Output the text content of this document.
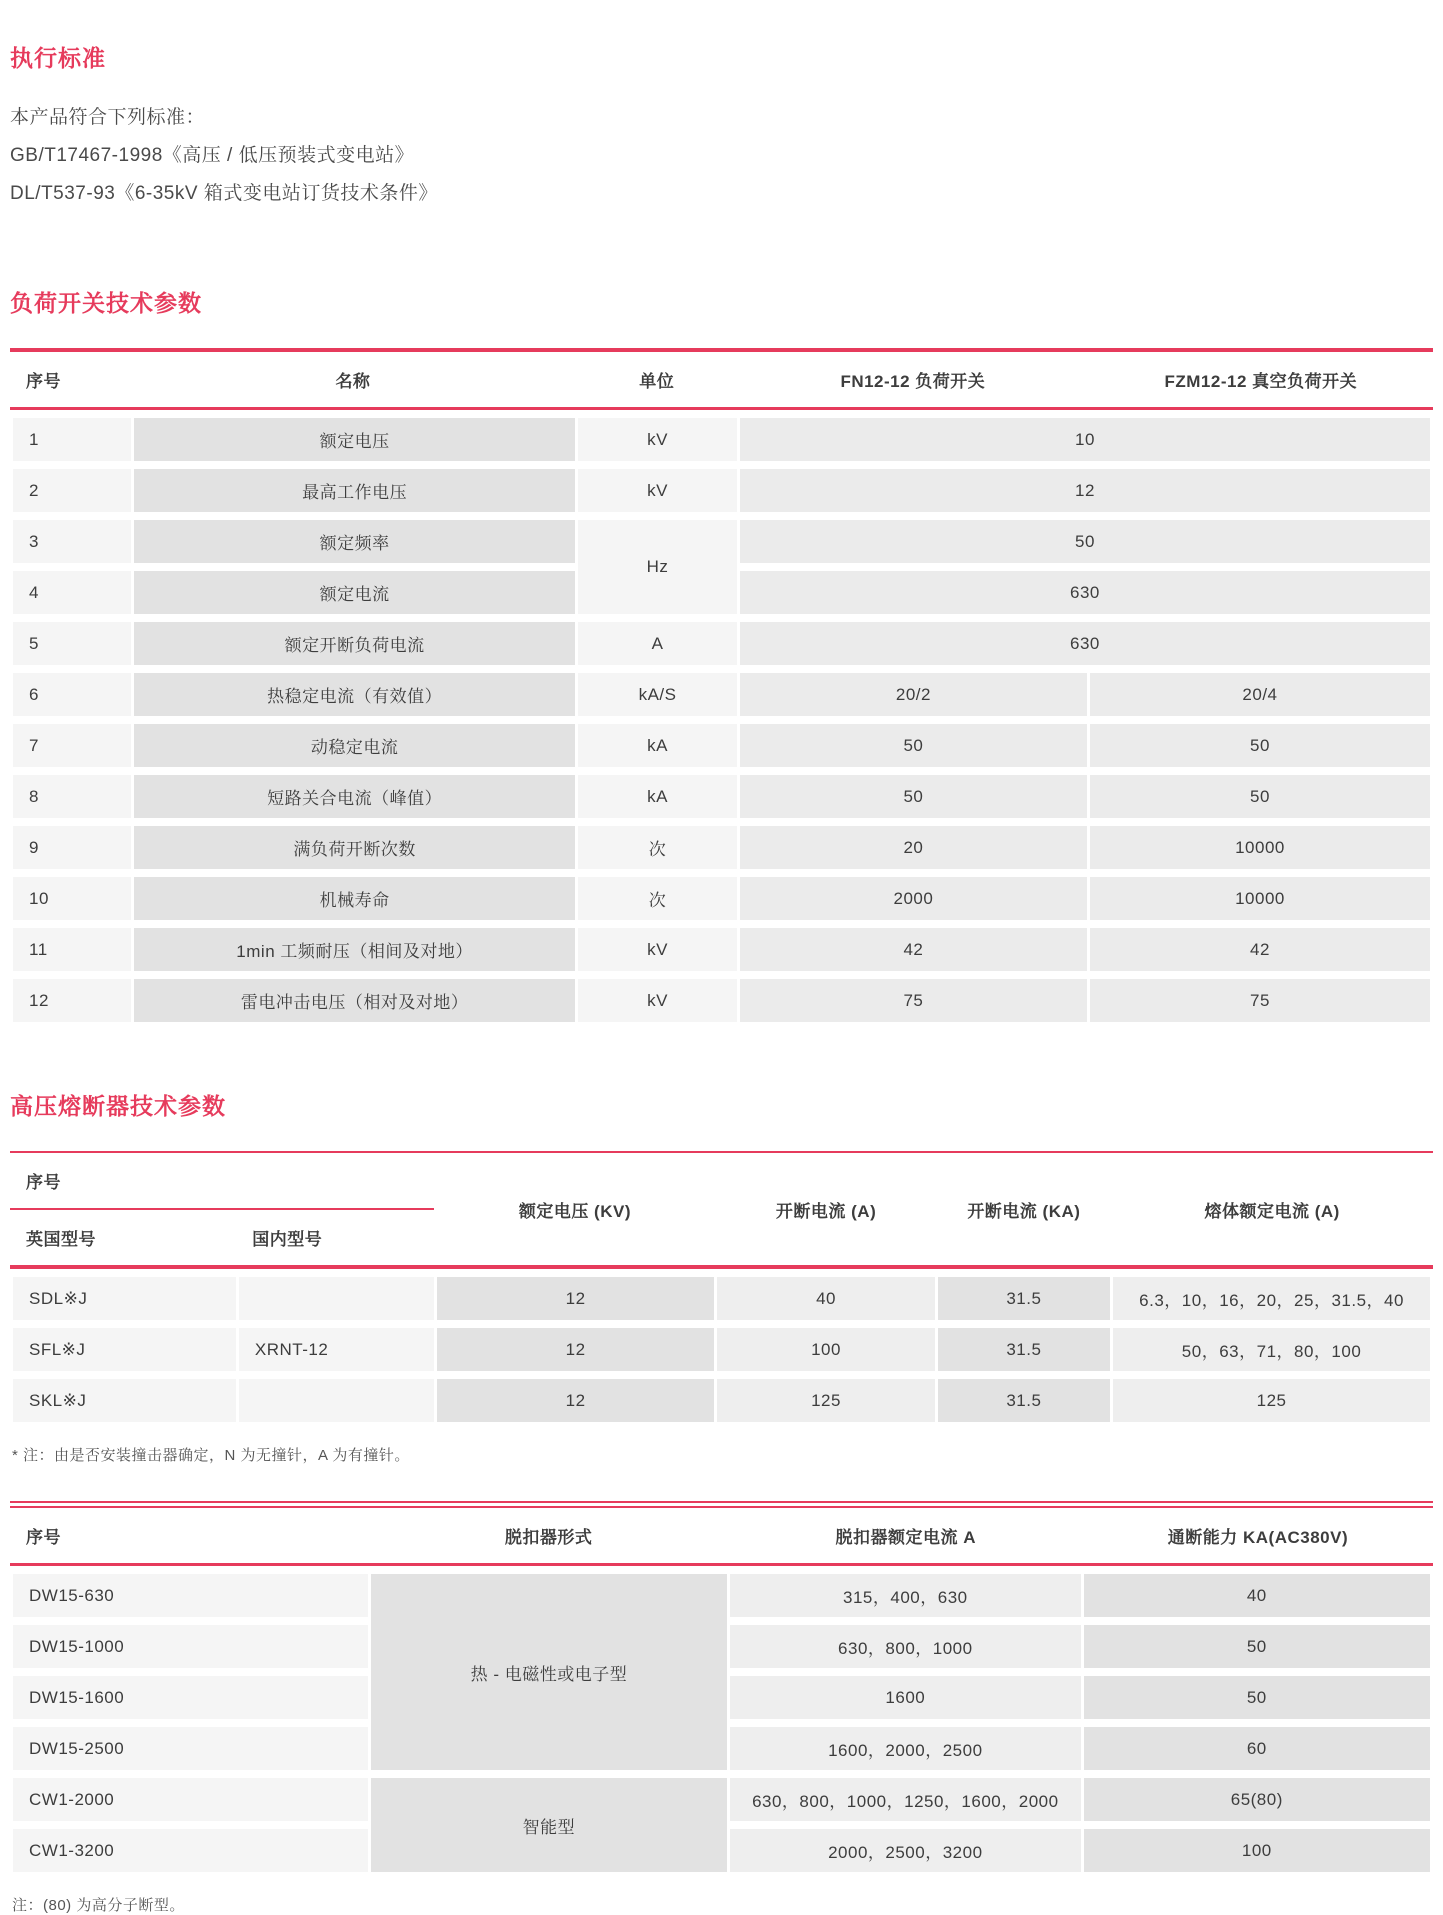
执行标准

本产品符合下列标准：

GB/T17467-1998《高压 / 低压预装式变电站》

DL/T537-93《6-35kV 箱式变电站订货技术条件》

负荷开关技术参数
序号	名称	单位	FN12-12 负荷开关	FZM12-12 真空负荷开关
1	额定电压	kV	10	
2	最高工作电压	kV	12	
3	额定频率	Hz	50	
4	额定电流		630	
5	额定开断负荷电流	A	630	
6	热稳定电流（有效值）	kA/S	20/2	20/4
7	动稳定电流	kA	50	50
8	短路关合电流（峰值）	kA	50	50
9	满负荷开断次数	次	20	10000
10	机械寿命	次	2000	10000
11	1min 工频耐压（相间及对地）	kV	42	42
12	雷电冲击电压（相对及对地）	kV	75	75
高压熔断器技术参数
序号		额定电压 (KV)	开断电流 (A)	开断电流 (KA)	熔体额定电流 (A)
英国型号	国内型号				
SDL※J		12	40	31.5	6.3，10，16，20，25，31.5，40
SFL※J	XRNT-12	12	100	31.5	50，63，71，80，100
SKL※J		12	125	31.5	125

* 注：由是否安装撞击器确定，N 为无撞针，A 为有撞针。

序号	脱扣器形式	脱扣器额定电流 A	通断能力 KA(AC380V)
DW15-630	热 - 电磁性或电子型	315，400，630	40
DW15-1000		630，800，1000	50
DW15-1600		1600	50
DW15-2500		1600，2000，2500	60
CW1-2000	智能型	630，800，1000，1250，1600，2000	65(80)
CW1-3200		2000，2500，3200	100

注：(80) 为高分子断型。
